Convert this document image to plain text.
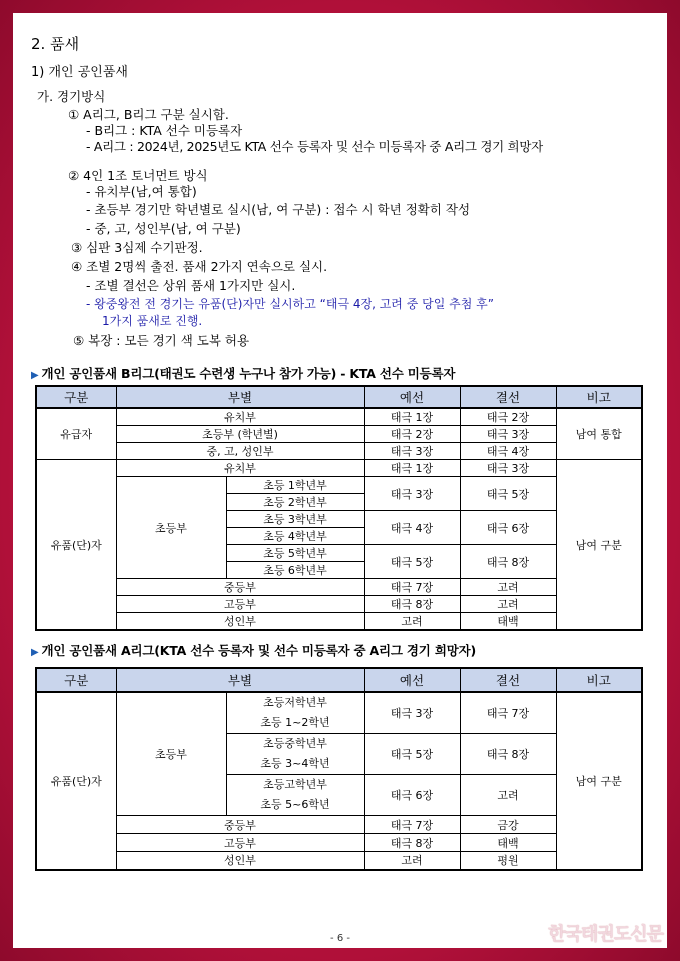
2. 품새
1) 개인 공인품새
가. 경기방식
① A리그, B리그 구분 실시함.
- B리그 : KTA 선수 미등록자
- A리그 : 2024년, 2025년도 KTA 선수 등록자 및 선수 미등록자 중 A리그 경기 희망자
② 4인 1조 토너먼트 방식
- 유치부(남,여 통합)
- 초등부 경기만 학년별로 실시(남, 여 구분) : 접수 시 학년 정확히 작성
- 중, 고, 성인부(남, 여 구분)
③ 심판 3심제 수기판정.
④ 조별 2명씩 출전. 품새 2가지 연속으로 실시.
- 조별 결선은 상위 품새 1가지만 실시.
- 왕중왕전 전 경기는 유품(단)자만 실시하고 “태극 4장, 고려 중 당일 추첨 후”
1가지 품새로 진행.
⑤ 복장 : 모든 경기 색 도복 허용
▶ 개인 공인품새 B리그(태권도 수련생 누구나 참가 가능) - KTA 선수 미등록자
구분	부별		예선	결선	비고
유급자	유치부		태극 1장	태극 2장	남여 통합
	초등부 (학년별)		태극 2장	태극 3장	
	중, 고, 성인부		태극 3장	태극 4장	
유품(단)자	유치부		태극 1장	태극 3장	남여 구분
	초등부	초등 1학년부	태극 3장	태극 5장	
		초등 2학년부			
		초등 3학년부	태극 4장	태극 6장	
		초등 4학년부			
		초등 5학년부	태극 5장	태극 8장	
		초등 6학년부			
	중등부		태극 7장	고려	
	고등부		태극 8장	고려	
	성인부		고려	태백	
▶ 개인 공인품새 A리그(KTA 선수 등록자 및 선수 미등록자 중 A리그 경기 희망자)
구분	부별		예선	결선	비고
유품(단)자	초등부	초등저학년부
초등 1~2학년	태극 3장	태극 7장	남여 구분

		초등중학년부
초등 3~4학년	태극 5장	태극 8장	

		초등고학년부
초등 5~6학년	태극 6장	고려	
	중등부		태극 7장	금강	
	고등부		태극 8장	태백	
	성인부		고려	평원	
- 6 -	한국태권도신문
